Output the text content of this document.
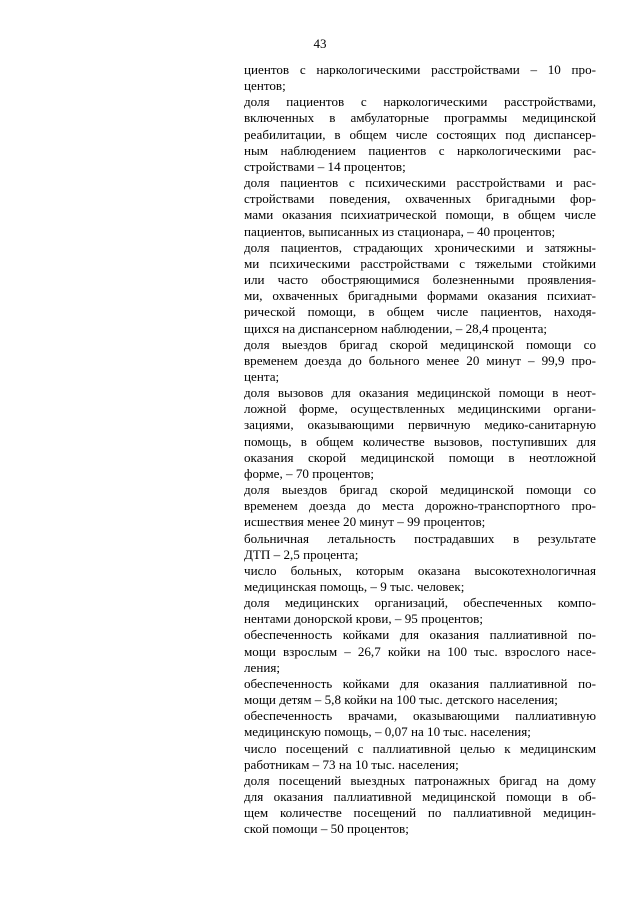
43

циентов с наркологическими расстройствами – 10 про-
центов;

доля пациентов с наркологическими расстройствами,
включенных в амбулаторные программы медицинской
реабилитации, в общем числе состоящих под диспансер-
ным наблюдением пациентов с наркологическими рас-
стройствами – 14 процентов;

доля пациентов с психическими расстройствами и рас-
стройствами поведения, охваченных бригадными фор-
мами оказания психиатрической помощи, в общем числе
пациентов, выписанных из стационара, – 40 процентов;

доля пациентов, страдающих хроническими и затяжны-
ми психическими расстройствами с тяжелыми стойкими
или часто обостряющимися болезненными проявления-
ми, охваченных бригадными формами оказания психиат-
рической помощи, в общем числе пациентов, находя-
щихся на диспансерном наблюдении, – 28,4 процента;

доля выездов бригад скорой медицинской помощи со
временем доезда до больного менее 20 минут – 99,9 про-
цента;

доля вызовов для оказания медицинской помощи в неот-
ложной форме, осуществленных медицинскими органи-
зациями, оказывающими первичную медико-санитарную
помощь, в общем количестве вызовов, поступивших для
оказания скорой медицинской помощи в неотложной
форме, – 70 процентов;

доля выездов бригад скорой медицинской помощи со
временем доезда до места дорожно-транспортного про-
исшествия менее 20 минут – 99 процентов;

больничная летальность пострадавших в результате
ДТП – 2,5 процента;

число больных, которым оказана высокотехнологичная
медицинская помощь, – 9 тыс. человек;

доля медицинских организаций, обеспеченных компо-
нентами донорской крови, – 95 процентов;

обеспеченность койками для оказания паллиативной по-
мощи взрослым – 26,7 койки на 100 тыс. взрослого насе-
ления;

обеспеченность койками для оказания паллиативной по-
мощи детям – 5,8 койки на 100 тыс. детского населения;

обеспеченность врачами, оказывающими паллиативную
медицинскую помощь, – 0,07 на 10 тыс. населения;

число посещений с паллиативной целью к медицинским
работникам – 73 на 10 тыс. населения;

доля посещений выездных патронажных бригад на дому
для оказания паллиативной медицинской помощи в об-
щем количестве посещений по паллиативной медицин-
ской помощи – 50 процентов;
